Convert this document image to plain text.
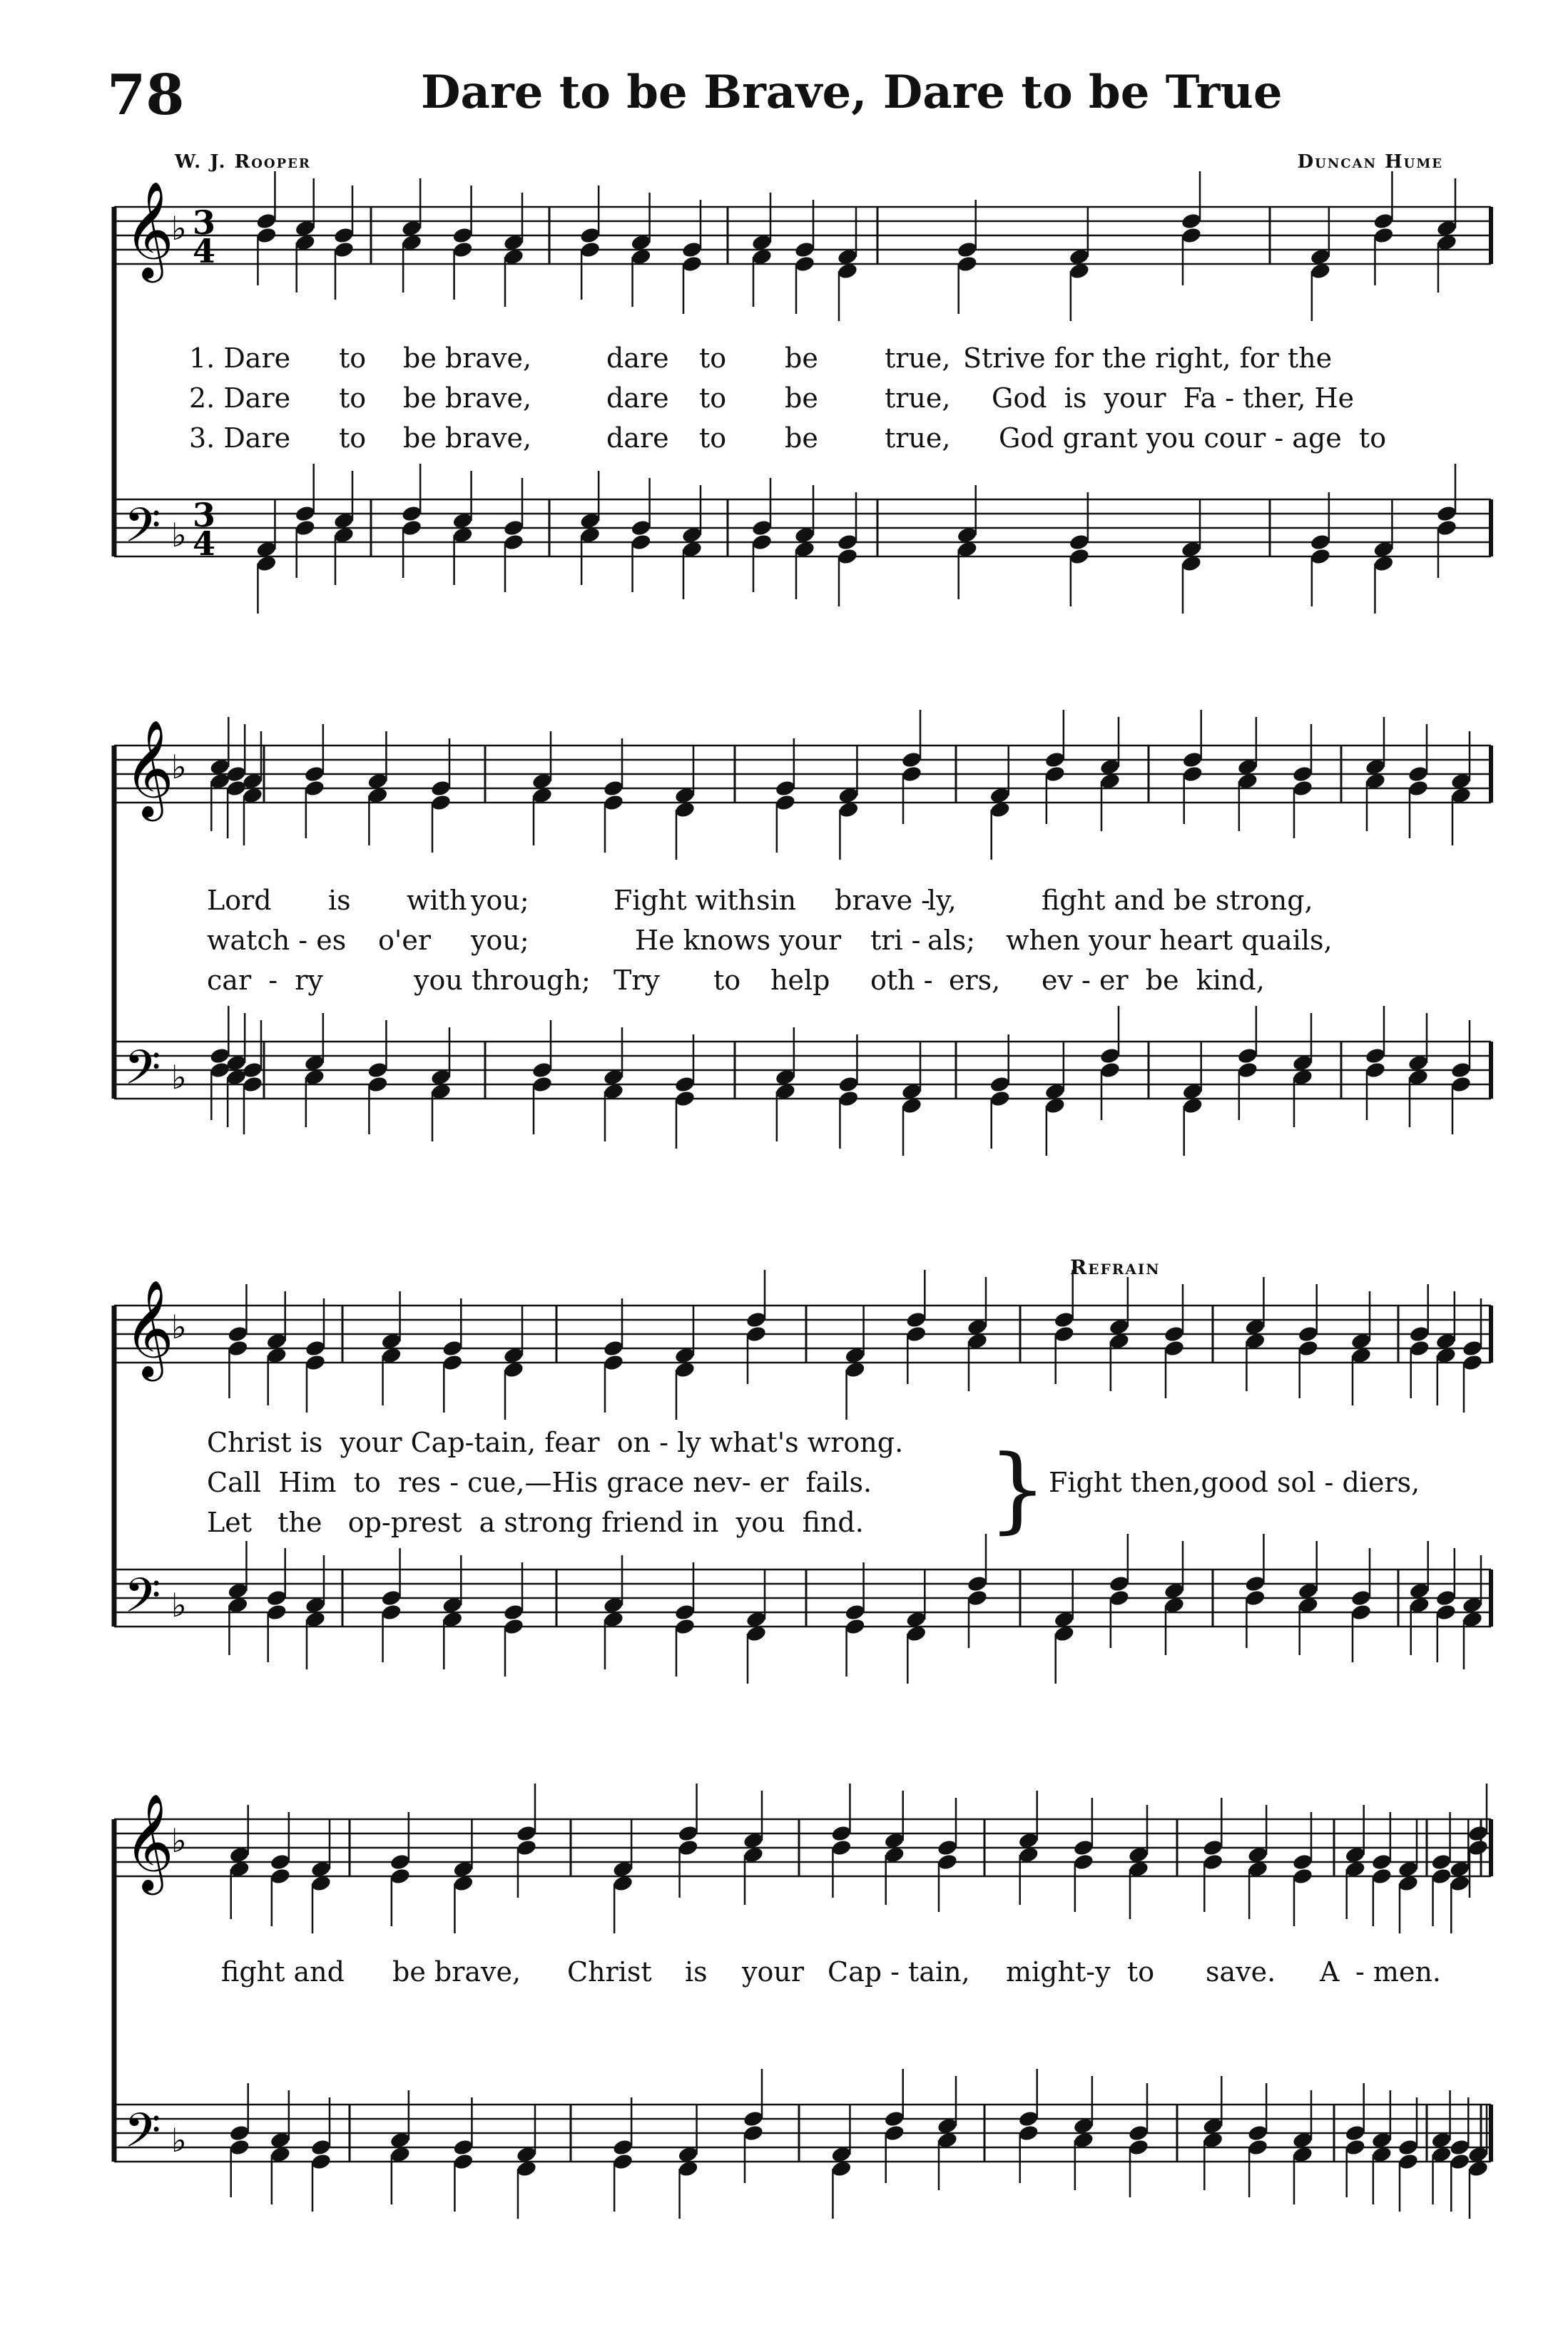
78	Dare to be Brave, Dare to be True
W. J. Rooper	Duncan Hume
𝄞
♭ 3
4
𝄢 ♭
3
4
1. Dare to be brave,	dare to be true, Strive for the right, for the
2. Dare to be brave,	dare to be true, God  is  your  Fa - ther, He
3. Dare to be brave,	dare to be true, God grant you cour - age  to
𝄞
♭
𝄢 ♭
Lord is with you;	Fight with sin brave -
ly,	fight and be strong,
watch - es o'er you;	He knows your tri - als; when your heart quails,
car  -  ry	you through; Try to help oth - ers, ev - er  be  kind,
𝄞
♭
𝄢 ♭
Refrain
Christ is  your Cap-tain, fear  on - ly what's wrong.
Call  Him  to  res - cue,—His grace nev- er  fails.
Let   the   op-prest  a strong friend in  you  find. } Fight then,good sol - diers,
𝄞
♭
𝄢 ♭
fight and be brave, Christ is your Cap - tain, might-y to save. A - men.
